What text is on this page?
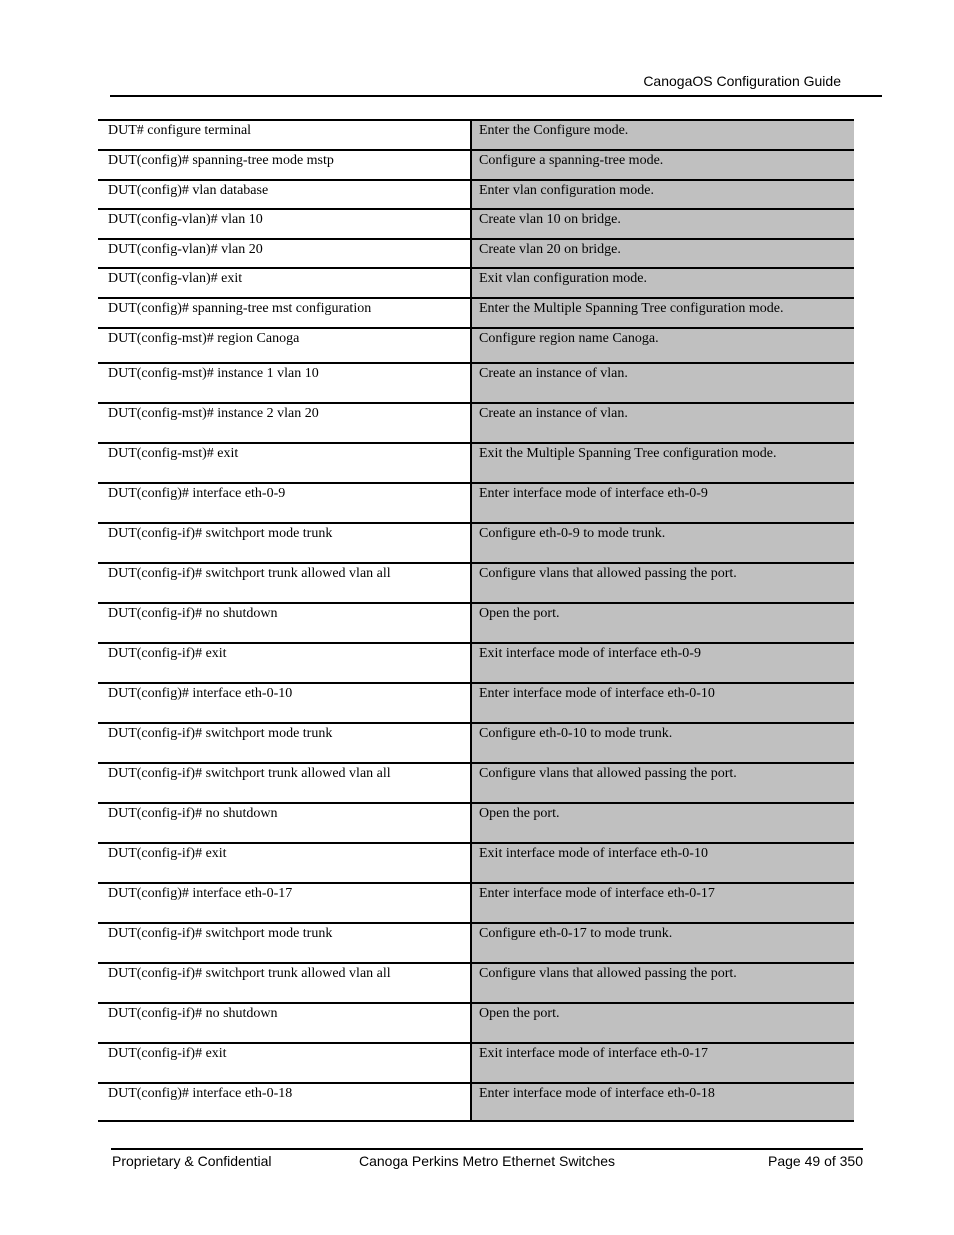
CanogaOS Configuration Guide
DUT# configure terminal	Enter the Configure mode.
DUT(config)# spanning-tree mode mstp	Configure a spanning-tree mode.
DUT(config)# vlan database	Enter vlan configuration mode.
DUT(config-vlan)# vlan 10	Create vlan 10 on bridge.
DUT(config-vlan)# vlan 20	Create vlan 20 on bridge.
DUT(config-vlan)# exit	Exit vlan configuration mode.
DUT(config)# spanning-tree mst configuration	Enter the Multiple Spanning Tree configuration mode.
DUT(config-mst)# region Canoga	Configure region name Canoga.
DUT(config-mst)# instance 1 vlan 10	Create an instance of vlan.
DUT(config-mst)# instance 2 vlan 20	Create an instance of vlan.
DUT(config-mst)# exit	Exit the Multiple Spanning Tree configuration mode.
DUT(config)# interface eth-0-9	Enter interface mode of interface eth-0-9
DUT(config-if)# switchport mode trunk	Configure eth-0-9 to mode trunk.
DUT(config-if)# switchport trunk allowed vlan all	Configure vlans that allowed passing the port.
DUT(config-if)# no shutdown	Open the port.
DUT(config-if)# exit	Exit interface mode of interface eth-0-9
DUT(config)# interface eth-0-10	Enter interface mode of interface eth-0-10
DUT(config-if)# switchport mode trunk	Configure eth-0-10 to mode trunk.
DUT(config-if)# switchport trunk allowed vlan all	Configure vlans that allowed passing the port.
DUT(config-if)# no shutdown	Open the port.
DUT(config-if)# exit	Exit interface mode of interface eth-0-10
DUT(config)# interface eth-0-17	Enter interface mode of interface eth-0-17
DUT(config-if)# switchport mode trunk	Configure eth-0-17 to mode trunk.
DUT(config-if)# switchport trunk allowed vlan all	Configure vlans that allowed passing the port.
DUT(config-if)# no shutdown	Open the port.
DUT(config-if)# exit	Exit interface mode of interface eth-0-17
DUT(config)# interface eth-0-18	Enter interface mode of interface eth-0-18
Proprietary & Confidential	Canoga Perkins Metro Ethernet Switches	Page 49 of 350
